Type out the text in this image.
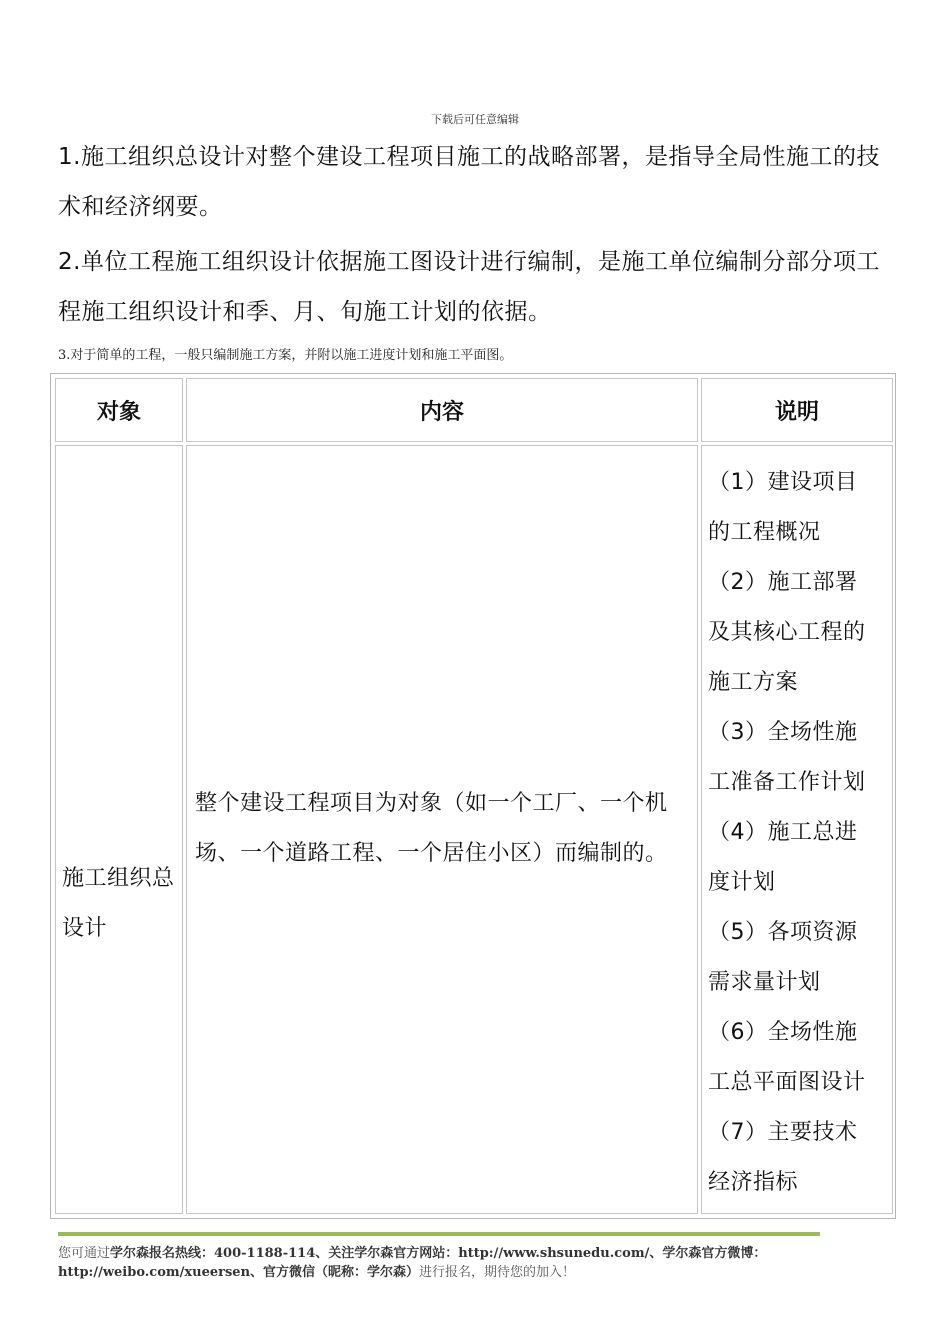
下载后可任意编辑
1.施工组织总设计对整个建设工程项目施工的战略部署，是指导全局性施工的技术和经济纲要。
2.单位工程施工组织设计依据施工图设计进行编制，是施工单位编制分部分项工程施工组织设计和季、月、旬施工计划的依据。
3.对于简单的工程，一般只编制施工方案，并附以施工进度计划和施工平面图。
对象	内容	说明
施工组织总设计
整个建设工程项目为对象（如一个工厂、一个机场、一个道路工程、一个居住小区）而编制的。
（1）建设项目
的工程概况
（2）施工部署
及其核心工程的
施工方案
（3）全场性施
工准备工作计划
（4）施工总进
度计划
（5）各项资源
需求量计划
（6）全场性施
工总平面图设计
（7）主要技术
经济指标
您可通过学尔森报名热线：400-1188-114、关注学尔森官方网站：http://www.shsunedu.com/、学尔森官方微博：http://weibo.com/xueersen、官方微信（昵称：学尔森）进行报名，期待您的加入！
